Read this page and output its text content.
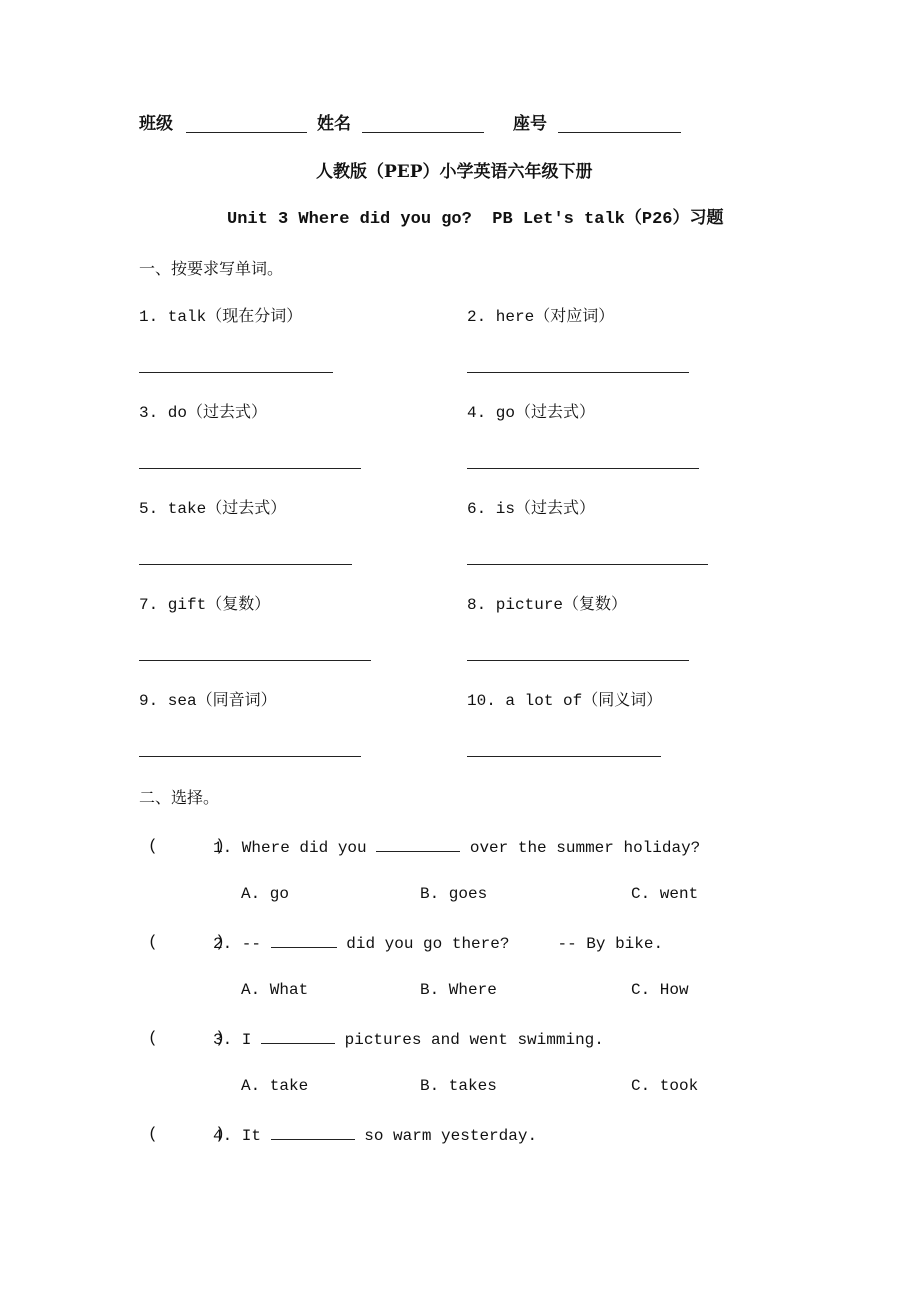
班级	姓名	座号
人教版（PEP）小学英语六年级下册
Unit 3 Where did you go?  PB Let's talk（P26）习题
一、按要求写单词。
1. talk（现在分词）	2. here（对应词）
3. do（过去式）	4. go（过去式）
5. take（过去式）	6. is（过去式）
7. gift（复数）	8. picture（复数）
9. sea（同音词）	10. a lot of（同义词）
二、选择。
(      )
1. Where did you	over the summer holiday?
A. go	B. goes	C. went
(      )
2. --	did you go there?     -- By bike.
A. What	B. Where	C. How
(      )
3. I	pictures and went swimming.
A. take	B. takes	C. took
(      )
4. It	so warm yesterday.
